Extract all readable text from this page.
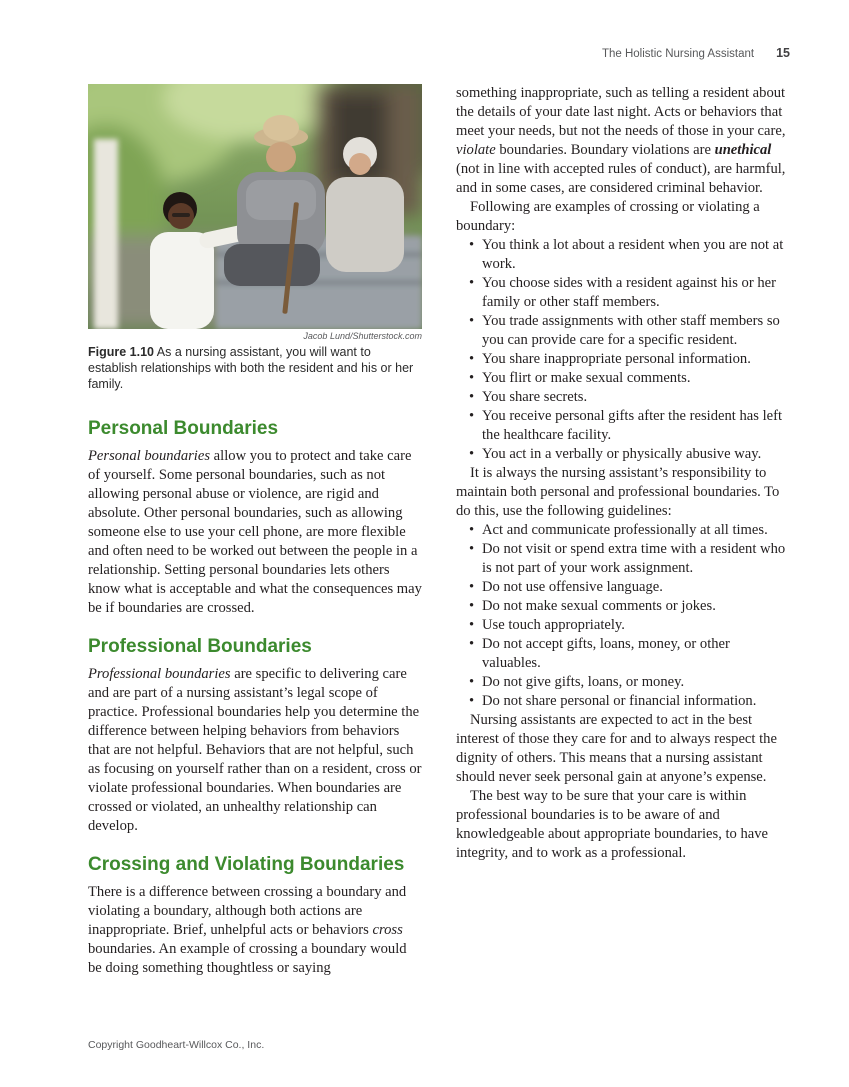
The Holistic Nursing Assistant 15
Jacob Lund/Shutterstock.com
Figure 1.10 As a nursing assistant, you will want to establish relationships with both the resident and his or her family.
Personal Boundaries

Personal boundaries allow you to protect and take care of yourself. Some personal boundaries, such as not allowing personal abuse or violence, are rigid and absolute. Other personal boundaries, such as allowing someone else to use your cell phone, are more flexible and often need to be worked out between the people in a relationship. Setting personal boundaries lets others know what is acceptable and what the consequences may be if boundaries are crossed.

Professional Boundaries

Professional boundaries are specific to delivering care and are part of a nursing assistant’s legal scope of practice. Professional boundaries help you determine the difference between helping behaviors from behaviors that are not helpful. Behaviors that are not helpful, such as focusing on yourself rather than on a resident, cross or violate professional boundaries. When boundaries are crossed or violated, an unhealthy relationship can develop.

Crossing and Violating Boundaries

There is a difference between crossing a boundary and violating a boundary, although both actions are inappropriate. Brief, unhelpful acts or behaviors cross boundaries. An example of crossing a boundary would be doing something thoughtless or saying

something inappropriate, such as telling a resident about the details of your date last night. Acts or behaviors that meet your needs, but not the needs of those in your care, violate boundaries. Boundary violations are unethical (not in line with accepted rules of conduct), are harmful, and in some cases, are considered criminal behavior.

Following are examples of crossing or violating a boundary:

• You think a lot about a resident when you are not at work.
• You choose sides with a resident against his or her family or other staff members.
• You trade assignments with other staff members so you can provide care for a specific resident.
• You share inappropriate personal information.
• You flirt or make sexual comments.
• You share secrets.
• You receive personal gifts after the resident has left the healthcare facility.
• You act in a verbally or physically abusive way.

It is always the nursing assistant’s responsibility to maintain both personal and professional boundaries. To do this, use the following guidelines:

• Act and communicate professionally at all times.
• Do not visit or spend extra time with a resident who is not part of your work assignment.
• Do not use offensive language.
• Do not make sexual comments or jokes.
• Use touch appropriately.
• Do not accept gifts, loans, money, or other valuables.
• Do not give gifts, loans, or money.
• Do not share personal or financial information.

Nursing assistants are expected to act in the best interest of those they care for and to always respect the dignity of others. This means that a nursing assistant should never seek personal gain at anyone’s expense.

The best way to be sure that your care is within professional boundaries is to be aware of and knowledgeable about appropriate boundaries, to have integrity, and to work as a professional.

Copyright Goodheart-Willcox Co., Inc.
